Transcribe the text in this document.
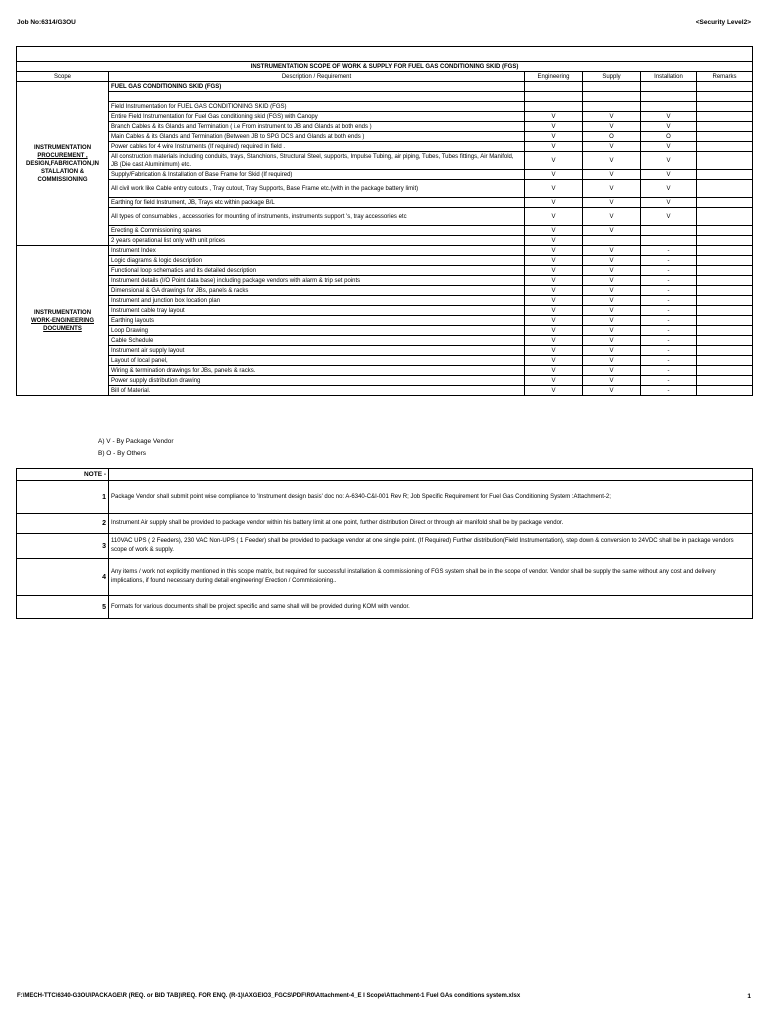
Job No:6314/G3OU	<Security Level2>

INSTRUMENTATION SCOPE OF WORK & SUPPLY FOR FUEL GAS CONDITIONING SKID (FGS)					
Scope	Description / Requirement	Engineering	Supply	Installation	Remarks

INSTRUMENTATION
PROCUREMENT ,
DESIGN,FABRICATION,IN
STALLATION &
COMMISSIONING	FUEL GAS CONDITIONING SKID (FGS)				

	Field Instrumentation for FUEL GAS CONDITIONING SKID (FGS)				
	Entire Field Instrumentation for Fuel Gas conditioning skid (FGS) with Canopy	V	V	V	
	Branch Cables & its Glands and Termination ( i.e From instrument to JB and Glands at both ends )	V	V	V	
	Main Cables & its Glands and Termination (Between JB to SPG DCS and Glands at both ends )	V	O	O	
	Power cables for 4 wire Instruments (If required) required in field .	V	V	V	
	All construction materials including conduits, trays, Stanchions, Structural Steel, supports, Impulse Tubing, air piping, Tubes, Tubes fittings, Air Manifold, JB (Die cast Aluminimum) etc.	V	V	V	
	Supply/Fabrication & Installation of Base Frame for Skid (If required)	V	V	V	
	All civil work like Cable entry cutouts , Tray cutout, Tray Supports, Base Frame etc.(with in the package battery limit)	V	V	V	
	Earthing for field Instrument, JB, Trays etc within package B/L	V	V	V	
	All types of consumables , accessories for mounting of instruments, instruments support 's, tray accessories etc	V	V	V	
	Erecting & Commissioning spares	V	V		
	2 years operational list only with unit prices	V			

INSTRUMENTATION
WORK-ENGINEERING
DOCUMENTS	Instrument Index	V	V	-	
	Logic diagrams & logic description	V	V	-	
	Functional loop schematics and its detailed description	V	V	-	
	Instrument details (I/O Point data base) including package vendors with alarm & trip set points	V	V	-	
	Dimensional & GA drawings for JBs, panels & racks	V	V	-	
	Instrument and junction box location plan	V	V	-	
	Instrument cable tray layout	V	V	-	
	Earthing layouts	V	V	-	
	Loop Drawing	V	V	-	
	Cable Schedule	V	V	-	
	Instrument air supply layout	V	V	-	
	Layout of local panel,	V	V	-	
	Wiring & termination drawings for JBs, panels & racks.	V	V	-	
	Power supply distribution drawing	V	V	-	
	Bill of Material.	V	V	-	
A) V - By Package Vendor
B) O - By Others
NOTE -	
1	Package Vendor shall submit point wise compliance to 'Instrument design basis' doc no: A-6340-C&I-001 Rev R; Job Specific Requirement for Fuel Gas Conditioning System :Attachment-2;
2	Instrument Air supply shall be provided to package vendor within his battery limit at one point, further distribution Direct or through air manifold shall be by package vendor.
3	110VAC UPS ( 2 Feeders), 230 VAC Non-UPS ( 1 Feeder) shall be provided to package vendor at one single point. (If Required) Further distribution(Field Instrumentation), step down & conversion to 24VDC shall be in package vendors scope of work & supply.
4	Any items / work not explicitly mentioned in this scope matrix, but required for successful installation & commissioning of FGS system shall be in the scope of vendor. Vendor shall be supply the same without any cost and delivery implications, if found necessary during detail engineering/ Erection / Commissioning..
5	Formats for various documents shall be project specific and same shall will be provided during KOM with vendor.
F:\MECH-TTC\6340-G3OU\PACKAGE\R (REQ. or BID TAB)\REQ. FOR ENQ. (R-1)\AXGEIO3_FGCS\PDF\R0\Attachment-4_E I Scope\Attachment-1 Fuel GAs conditions system.xlsx	1
